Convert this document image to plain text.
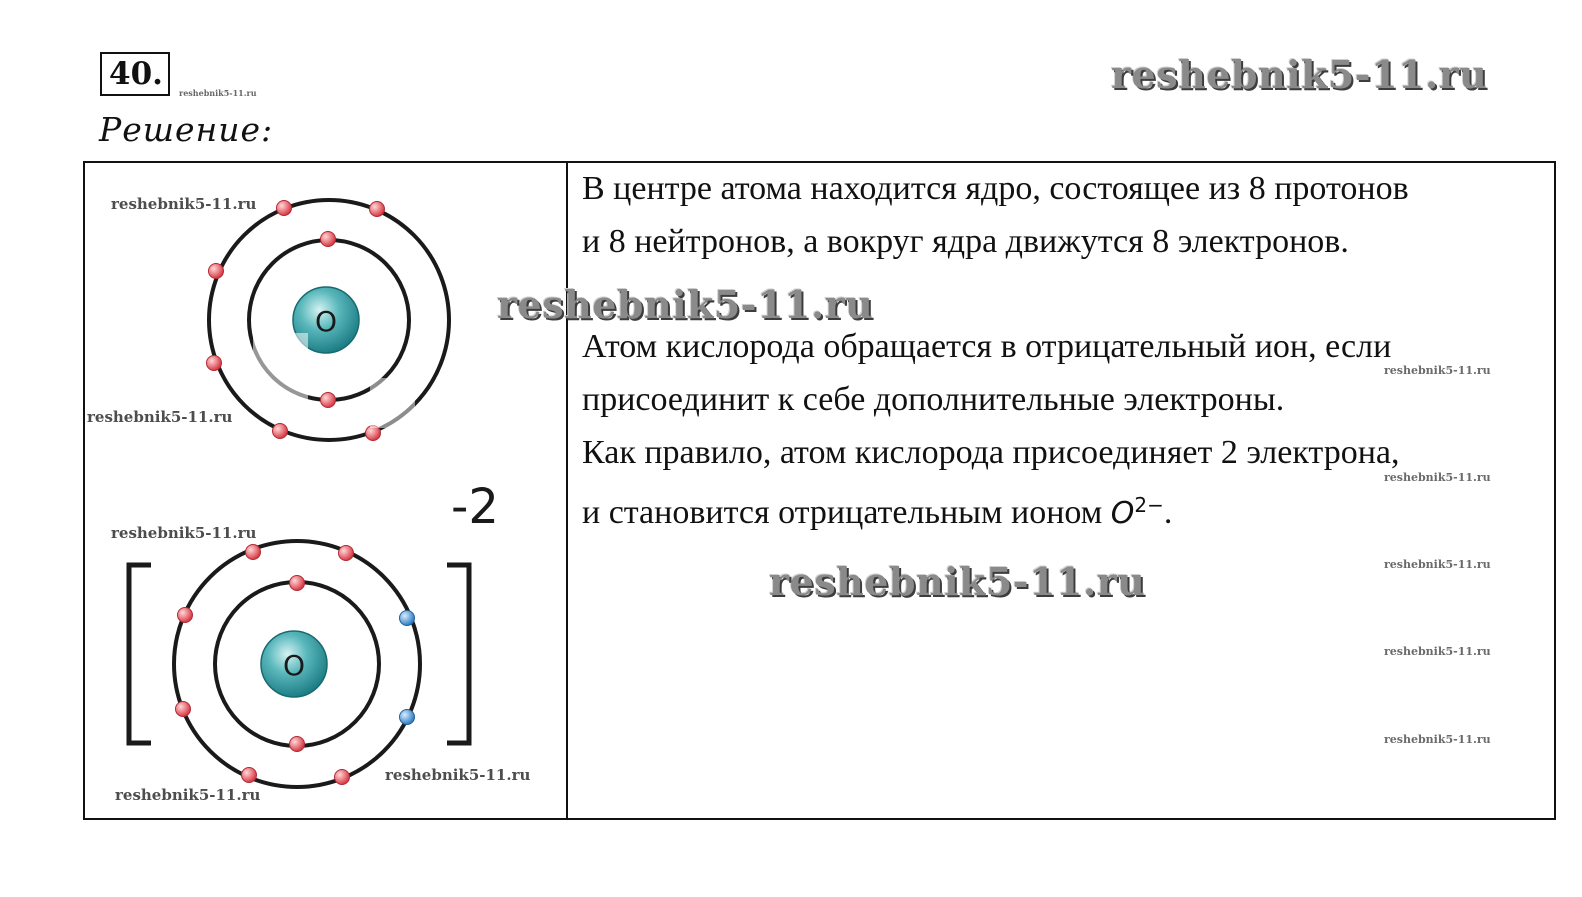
40.
reshebnik5-11.ru	reshebnik5-11.ru
Решение:
O
-2
O
reshebnik5-11.ru
reshebnik5-11.ru
reshebnik5-11.ru
reshebnik5-11.ru
reshebnik5-11.ru

В центре атома находится ядро, состоящее из 8 протонов

и 8 нейтронов, а вокруг ядра движутся 8 электронов.

Атом кислорода обращается в отрицательный ион, если

присоединит к себе дополнительные электроны.

Как правило, атом кислорода присоединяет 2 электрона,

и становится отрицательным ионом $O^{2-}$.

reshebnik5-11.ru
reshebnik5-11.ru
reshebnik5-11.ru
reshebnik5-11.ru
reshebnik5-11.ru
reshebnik5-11.ru
reshebnik5-11.ru
